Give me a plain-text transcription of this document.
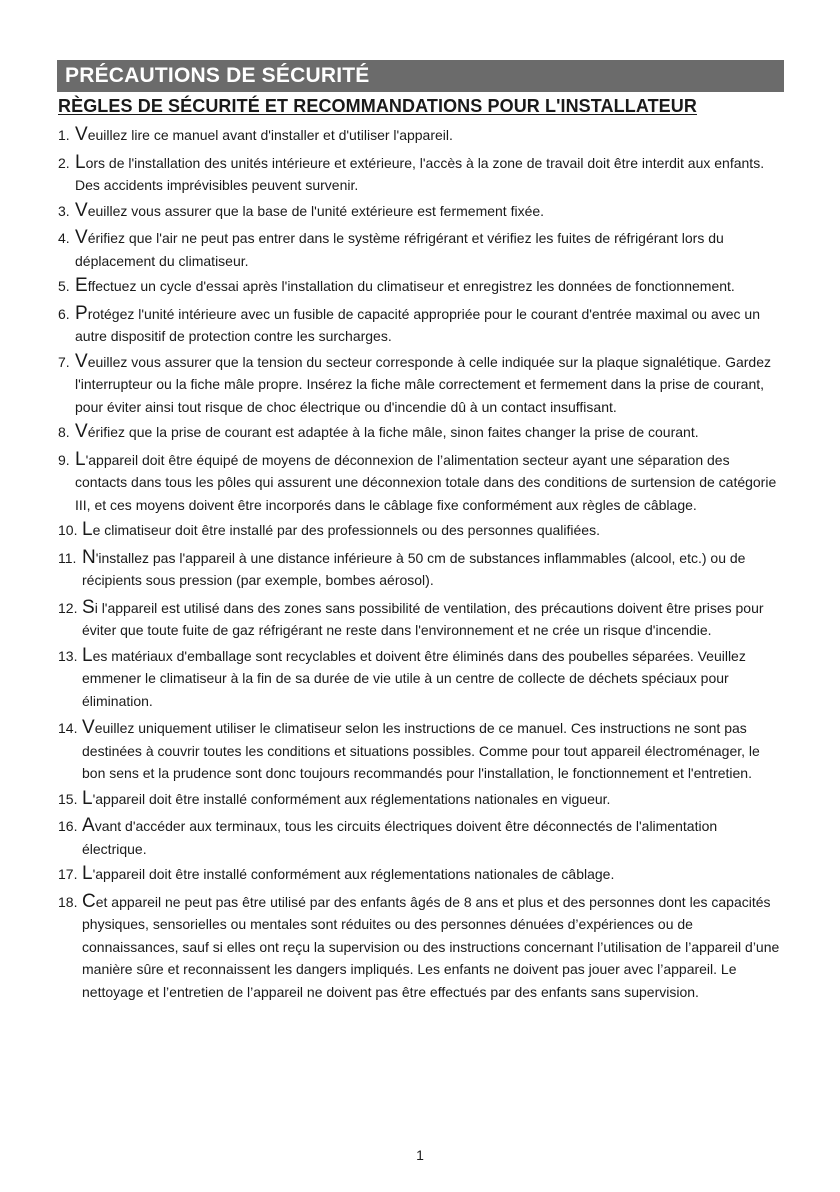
PRÉCAUTIONS DE SÉCURITÉ
RÈGLES DE SÉCURITÉ ET RECOMMANDATIONS POUR L'INSTALLATEUR
1. Veuillez lire ce manuel avant d'installer et d'utiliser l'appareil.
2. Lors de l'installation des unités intérieure et extérieure, l'accès à la zone de travail doit être interdit aux enfants. Des accidents imprévisibles peuvent survenir.
3. Veuillez vous assurer que la base de l'unité extérieure est fermement fixée.
4. Vérifiez que l'air ne peut pas entrer dans le système réfrigérant et vérifiez les fuites de réfrigérant lors du déplacement du climatiseur.
5. Effectuez un cycle d'essai après l'installation du climatiseur et enregistrez les données de fonctionnement.
6. Protégez l'unité intérieure avec un fusible de capacité appropriée pour le courant d'entrée maximal ou avec un autre dispositif de protection contre les surcharges.
7. Veuillez vous assurer que la tension du secteur corresponde à celle indiquée sur la plaque signalétique. Gardez l'interrupteur ou la fiche mâle propre. Insérez la fiche mâle correctement et fermement dans la prise de courant, pour éviter ainsi tout risque de choc électrique ou d'incendie dû à un contact insuffisant.
8. Vérifiez que la prise de courant est adaptée à la fiche mâle, sinon faites changer la prise de courant.
9. L'appareil doit être équipé de moyens de déconnexion de l’alimentation secteur ayant une séparation des contacts dans tous les pôles qui assurent une déconnexion totale dans des conditions de surtension de catégorie III, et ces moyens doivent être incorporés dans le câblage fixe conformément aux règles de câblage.
10. Le climatiseur doit être installé par des professionnels ou des personnes qualifiées.
11. N'installez pas l'appareil à une distance inférieure à 50 cm de substances inflammables (alcool, etc.) ou de récipients sous pression (par exemple, bombes aérosol).
12. Si l'appareil est utilisé dans des zones sans possibilité de ventilation, des précautions doivent être prises pour éviter que toute fuite de gaz réfrigérant ne reste dans l'environnement et ne crée un risque d'incendie.
13. Les matériaux d'emballage sont recyclables et doivent être éliminés dans des poubelles séparées. Veuillez emmener le climatiseur à la fin de sa durée de vie utile à un centre de collecte de déchets spéciaux pour élimination.
14. Veuillez uniquement utiliser le climatiseur selon les instructions de ce manuel. Ces instructions ne sont pas destinées à couvrir toutes les conditions et situations possibles. Comme pour tout appareil électroménager, le bon sens et la prudence sont donc toujours recommandés pour l'installation, le fonctionnement et l'entretien.
15. L'appareil doit être installé conformément aux réglementations nationales en vigueur.
16. Avant d'accéder aux terminaux, tous les circuits électriques doivent être déconnectés de l'alimentation électrique.
17. L'appareil doit être installé conformément aux réglementations nationales de câblage.
18. Cet appareil ne peut pas être utilisé par des enfants âgés de 8 ans et plus et des personnes dont les capacités physiques, sensorielles ou mentales sont réduites ou des personnes dénuées d’expériences ou de connaissances, sauf si elles ont reçu la supervision ou des instructions concernant l’utilisation de l’appareil d’une manière sûre et reconnaissent les dangers impliqués. Les enfants ne doivent pas jouer avec l’appareil. Le nettoyage et l’entretien de l’appareil ne doivent pas être effectués par des enfants sans supervision.
1
